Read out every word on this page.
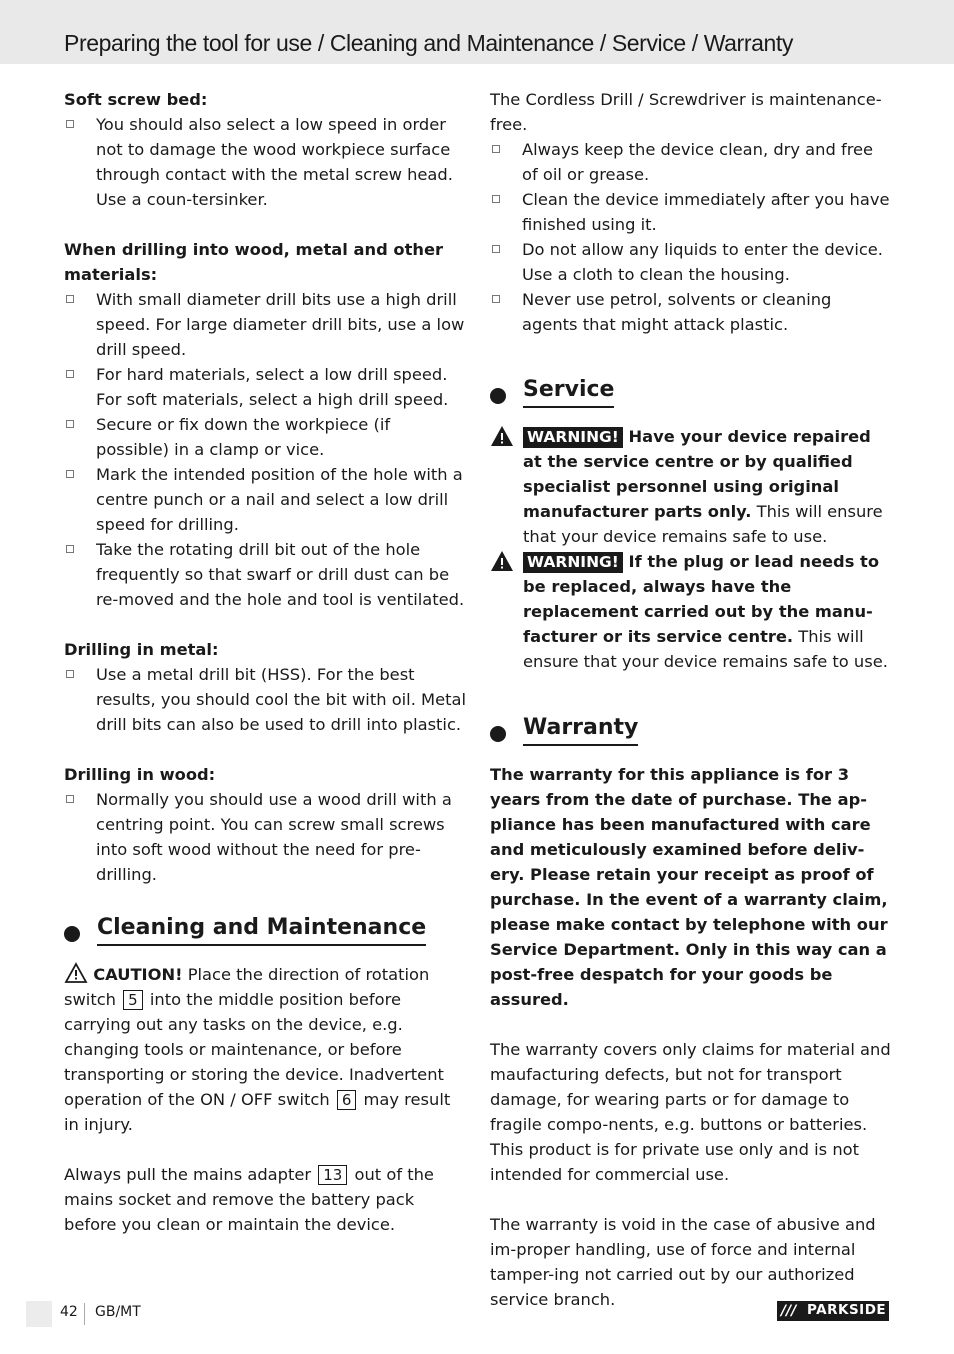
Preparing the tool for use / Cleaning and Maintenance / Service / Warranty

Soft screw bed:

You should also select a low speed in order not to damage the wood workpiece surface through contact with the metal screw head. Use a coun-tersinker.

When drilling into wood, metal and other materials:

With small diameter drill bits use a high drill speed. For large diameter drill bits, use a low drill speed.
For hard materials, select a low drill speed. For soft materials, select a high drill speed.
Secure or fix down the workpiece (if possible) in a clamp or vice.
Mark the intended position of the hole with a centre punch or a nail and select a low drill speed for drilling.
Take the rotating drill bit out of the hole frequently so that swarf or drill dust can be re-moved and the hole and tool is ventilated.

Drilling in metal:

Use a metal drill bit (HSS). For the best results, you should cool the bit with oil. Metal drill bits can also be used to drill into plastic.

Drilling in wood:

Normally you should use a wood drill with a centring point. You can screw small screws into soft wood without the need for pre-drilling.
Cleaning and Maintenance

CAUTION! Place the direction of rotation switch 5 into the middle position before carrying out any tasks on the device, e.g. changing tools or maintenance, or before transporting or storing the device. Inadvertent operation of the ON / OFF switch 6 may result in injury.

Always pull the mains adapter 13 out of the mains socket and remove the battery pack before you clean or maintain the device.

The Cordless Drill / Screwdriver is maintenance-free.

Always keep the device clean, dry and free of oil or grease.
Clean the device immediately after you have finished using it.
Do not allow any liquids to enter the device. Use a cloth to clean the housing.
Never use petrol, solvents or cleaning agents that might attack plastic.
Service
WARNING! Have your device repaired at the service centre or by qualified specialist personnel using original manufacturer parts only. This will ensure that your device remains safe to use.
WARNING! If the plug or lead needs to be replaced, always have the replacement carried out by the manu-facturer or its service centre. This will ensure that your device remains safe to use.
Warranty

The warranty for this appliance is for 3 years from the date of purchase. The ap-pliance has been manufactured with care and meticulously examined before deliv-ery. Please retain your receipt as proof of purchase. In the event of a warranty claim, please make contact by telephone with our Service Department. Only in this way can a post-free despatch for your goods be assured.

The warranty covers only claims for material and maufacturing defects, but not for transport damage, for wearing parts or for damage to fragile compo-nents, e.g. buttons or batteries. This product is for private use only and is not intended for commercial use.

The warranty is void in the case of abusive and im-proper handling, use of force and internal tamper-ing not carried out by our authorized service branch.

42 GB/MT	/// PARKSIDE
